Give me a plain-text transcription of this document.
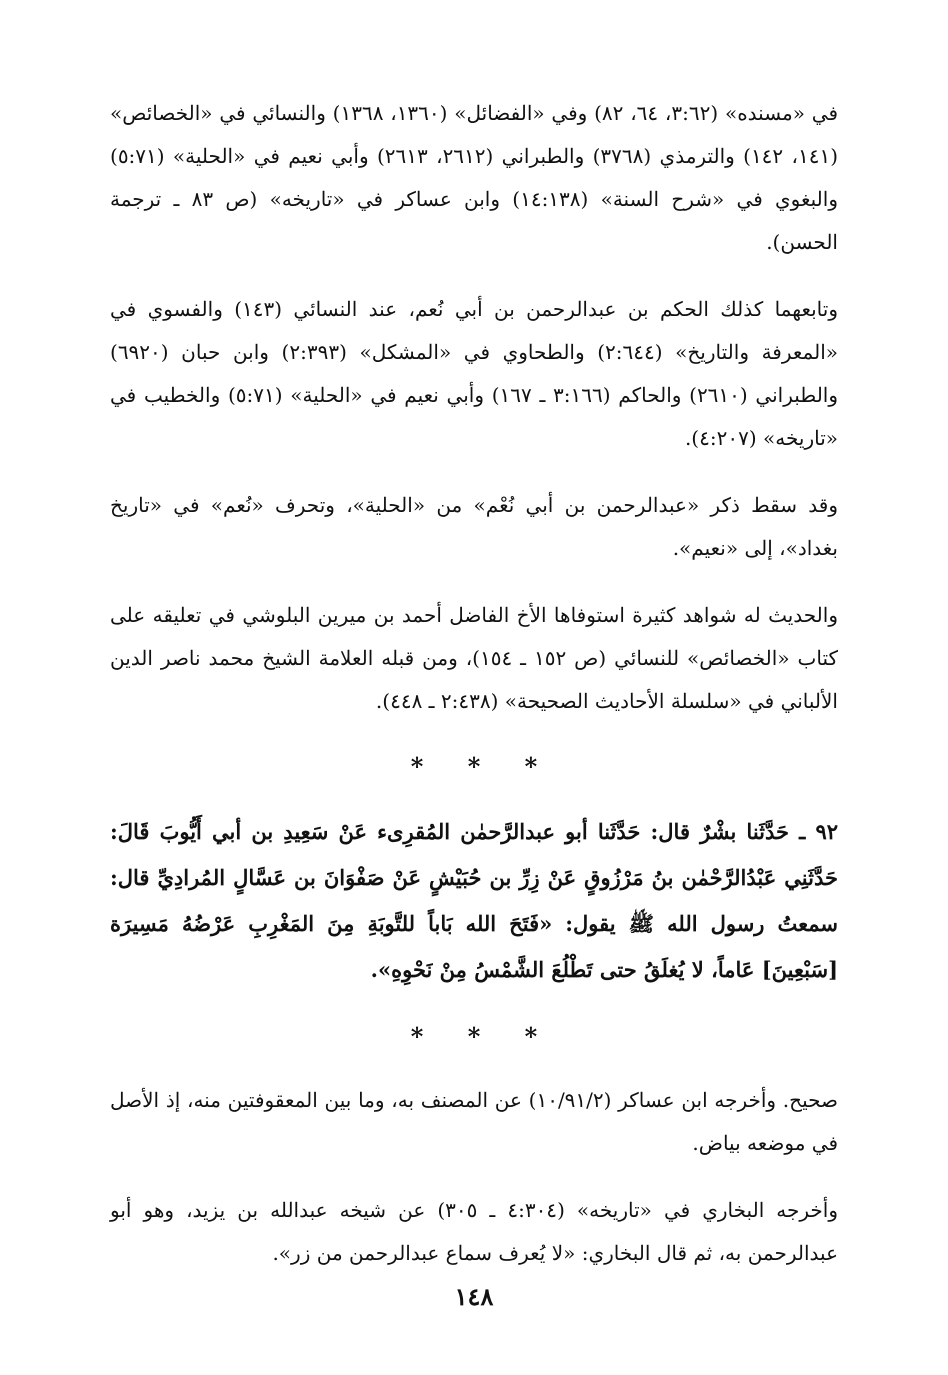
في «مسنده» (٣:٦٢، ٦٤، ٨٢) وفي «الفضائل» (١٣٦٠، ١٣٦٨) والنسائي في «الخصائص» (١٤١، ١٤٢) والترمذي (٣٧٦٨) والطبراني (٢٦١٢، ٢٦١٣) وأبي نعيم في «الحلية» (٥:٧١) والبغوي في «شرح السنة» (١٤:١٣٨) وابن عساكر في «تاريخه» (ص ٨٣ ـ ترجمة الحسن).

وتابعهما كذلك الحكم بن عبدالرحمن بن أبي نُعم، عند النسائي (١٤٣) والفسوي في «المعرفة والتاريخ» (٢:٦٤٤) والطحاوي في «المشكل» (٢:٣٩٣) وابن حبان (٦٩٢٠) والطبراني (٢٦١٠) والحاكم (٣:١٦٦ ـ ١٦٧) وأبي نعيم في «الحلية» (٥:٧١) والخطيب في «تاريخه» (٤:٢٠٧).

وقد سقط ذكر «عبدالرحمن بن أبي نُعْم» من «الحلية»، وتحرف «نُعم» في «تاريخ بغداد»، إلى «نعيم».

والحديث له شواهد كثيرة استوفاها الأخ الفاضل أحمد بن ميرين البلوشي في تعليقه على كتاب «الخصائص» للنسائي (ص ١٥٢ ـ ١٥٤)، ومن قبله العلامة الشيخ محمد ناصر الدين الألباني في «سلسلة الأحاديث الصحيحة» (٢:٤٣٨ ـ ٤٤٨).

* * *

٩٢ ـ حَدَّثَنا بشْرٌ قال: حَدَّثَنا أبو عبدالرَّحمٰن المُقرِىء عَنْ سَعِيدِ بن أبي أَيُّوبَ قَالَ: حَدَّثَنِي عَبْدُالرَّحْمٰن بنُ مَرْزُوقٍ عَنْ زِرِّ بن حُبَيْشٍ عَنْ صَفْوَانَ بن عَسَّالٍ المُرادِيِّ قال: سمعتُ رسول الله ﷺ يقول: «فَتَحَ الله بَاباً للتَّوبَةِ مِنَ المَغْرِبِ عَرْضُهُ مَسِيرَة [سَبْعِينَ] عَاماً، لا يُغلَقُ حتى تَطْلُعَ الشَّمْسُ مِنْ نَحْوِهِ».

* * *

صحيح. وأخرجه ابن عساكر (١٠/٩١/٢) عن المصنف به، وما بين المعقوفتين منه، إذ الأصل في موضعه بياض.

وأخرجه البخاري في «تاريخه» (٤:٣٠٤ ـ ٣٠٥) عن شيخه عبدالله بن يزيد، وهو أبو عبدالرحمن به، ثم قال البخاري: «لا يُعرف سماع عبدالرحمن من زر».

١٤٨
